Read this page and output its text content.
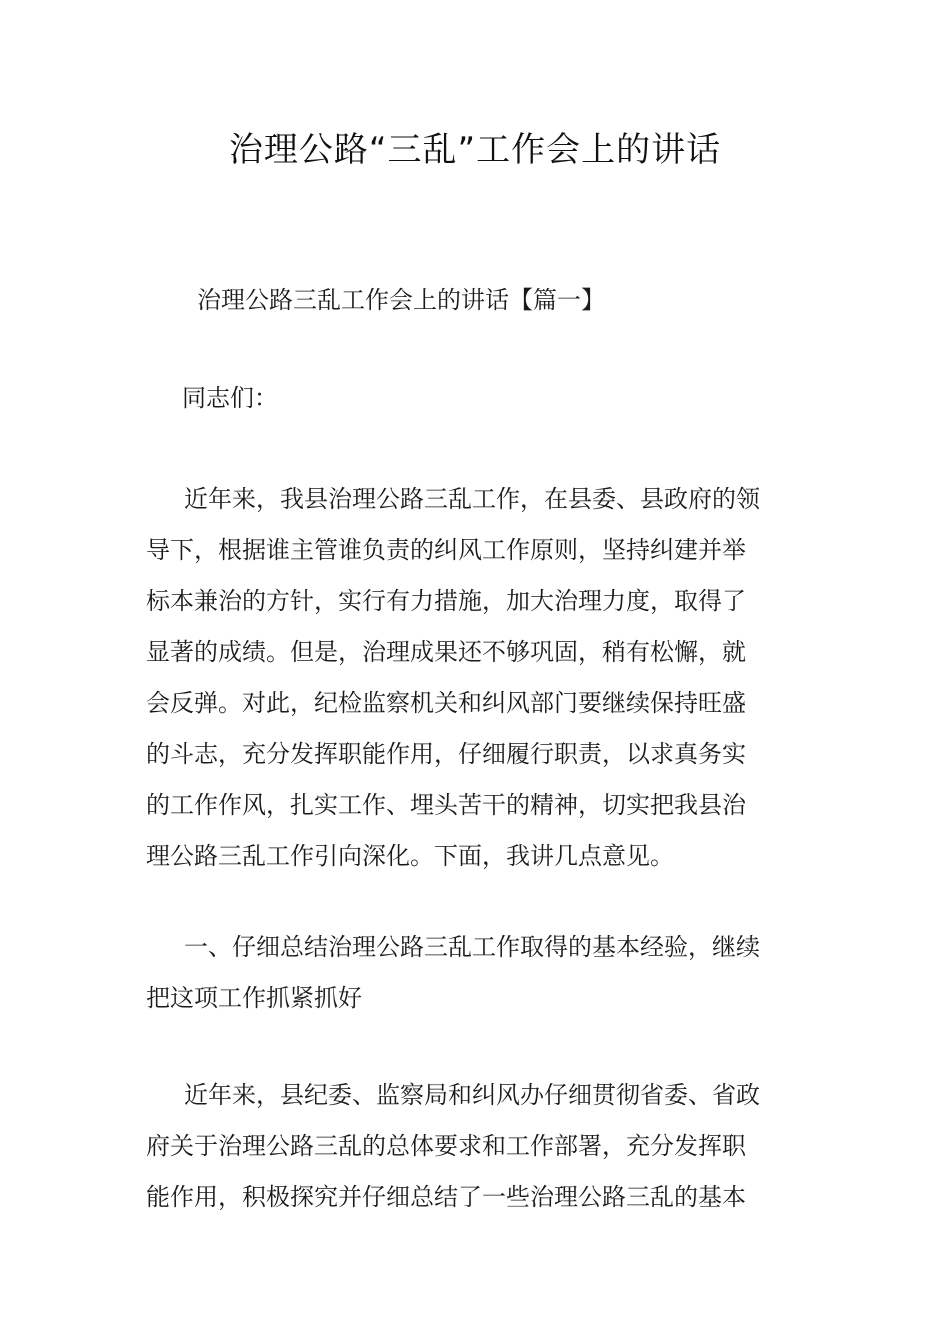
治理公路“三乱”工作会上的讲话

治理公路三乱工作会上的讲话【篇一】

同志们：

近年来，我县治理公路三乱工作，在县委、县政府的领
导下，根据谁主管谁负责的纠风工作原则，坚持纠建并举
标本兼治的方针，实行有力措施，加大治理力度，取得了
显著的成绩。但是，治理成果还不够巩固，稍有松懈，就
会反弹。对此，纪检监察机关和纠风部门要继续保持旺盛
的斗志，充分发挥职能作用，仔细履行职责，以求真务实
的工作作风，扎实工作、埋头苦干的精神，切实把我县治
理公路三乱工作引向深化。下面，我讲几点意见。
一、仔细总结治理公路三乱工作取得的基本经验，继续
把这项工作抓紧抓好
近年来，县纪委、监察局和纠风办仔细贯彻省委、省政
府关于治理公路三乱的总体要求和工作部署，充分发挥职
能作用，积极探究并仔细总结了一些治理公路三乱的基本
